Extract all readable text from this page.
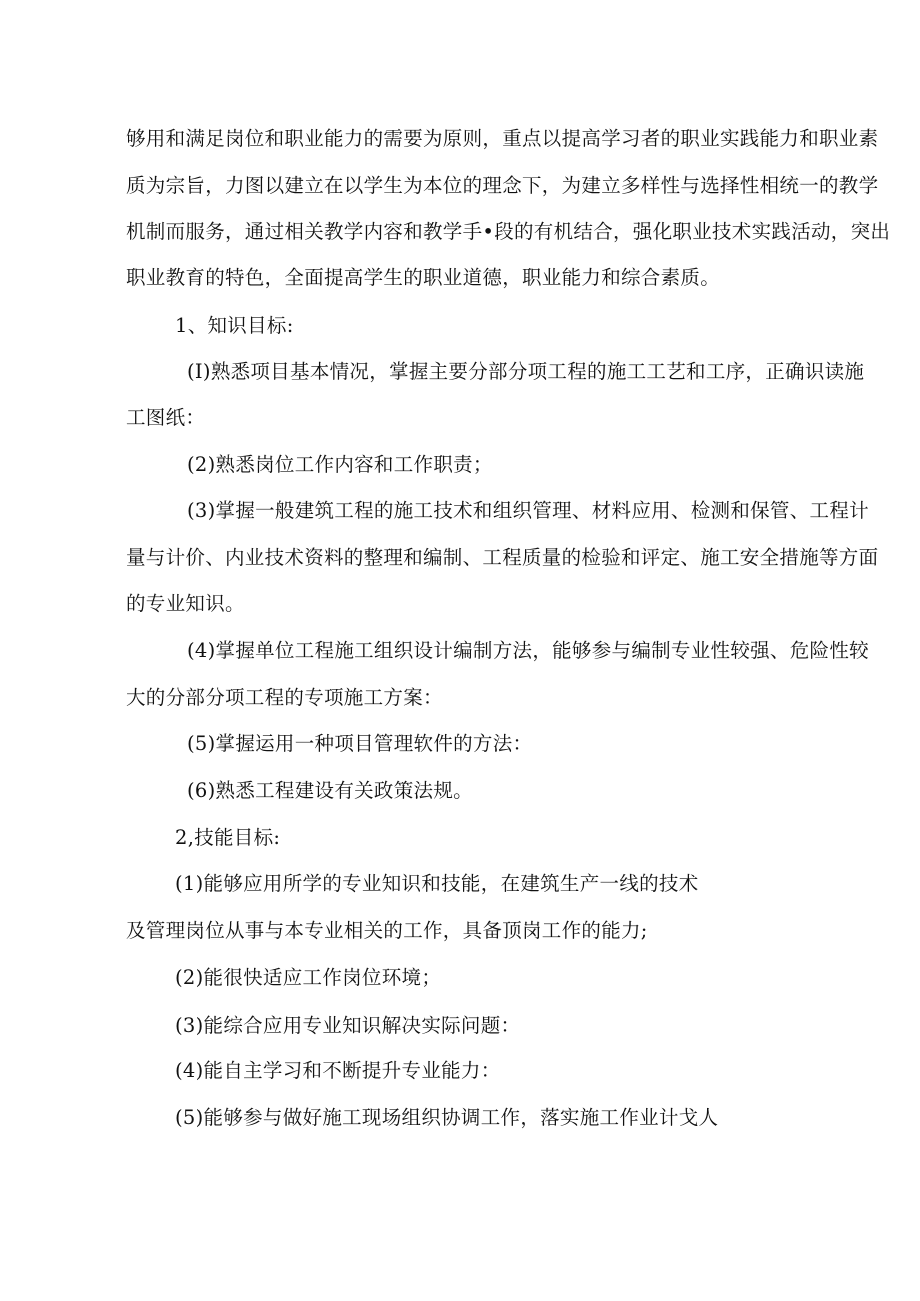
够用和满足岗位和职业能力的需要为原则，重点以提高学习者的职业实践能力和职业素
质为宗旨，力图以建立在以学生为本位的理念下，为建立多样性与选择性相统一的教学
机制而服务，通过相关教学内容和教学手•段的有机结合，强化职业技术实践活动，突出
职业教育的特色，全面提高学生的职业道德，职业能力和综合素质。
1、知识目标:
(I)熟悉项目基本情况，掌握主要分部分项工程的施工工艺和工序，正确识读施
工图纸：
(2)熟悉岗位工作内容和工作职责；
(3)掌握一般建筑工程的施工技术和组织管理、材料应用、检测和保管、工程计
量与计价、内业技术资料的整理和编制、工程质量的检验和评定、施工安全措施等方面
的专业知识。
(4)掌握单位工程施工组织设计编制方法，能够参与编制专业性较强、危险性较
大的分部分项工程的专项施工方案：
(5)掌握运用一种项目管理软件的方法：
(6)熟悉工程建设有关政策法规。
2,技能目标:
(1)能够应用所学的专业知识和技能，在建筑生产一线的技术
及管理岗位从事与本专业相关的工作，具备顶岗工作的能力;
(2)能很快适应工作岗位环境；
(3)能综合应用专业知识解决实际问题：
(4)能自主学习和不断提升专业能力：
(5)能够参与做好施工现场组织协调工作，落实施工作业计戈人
